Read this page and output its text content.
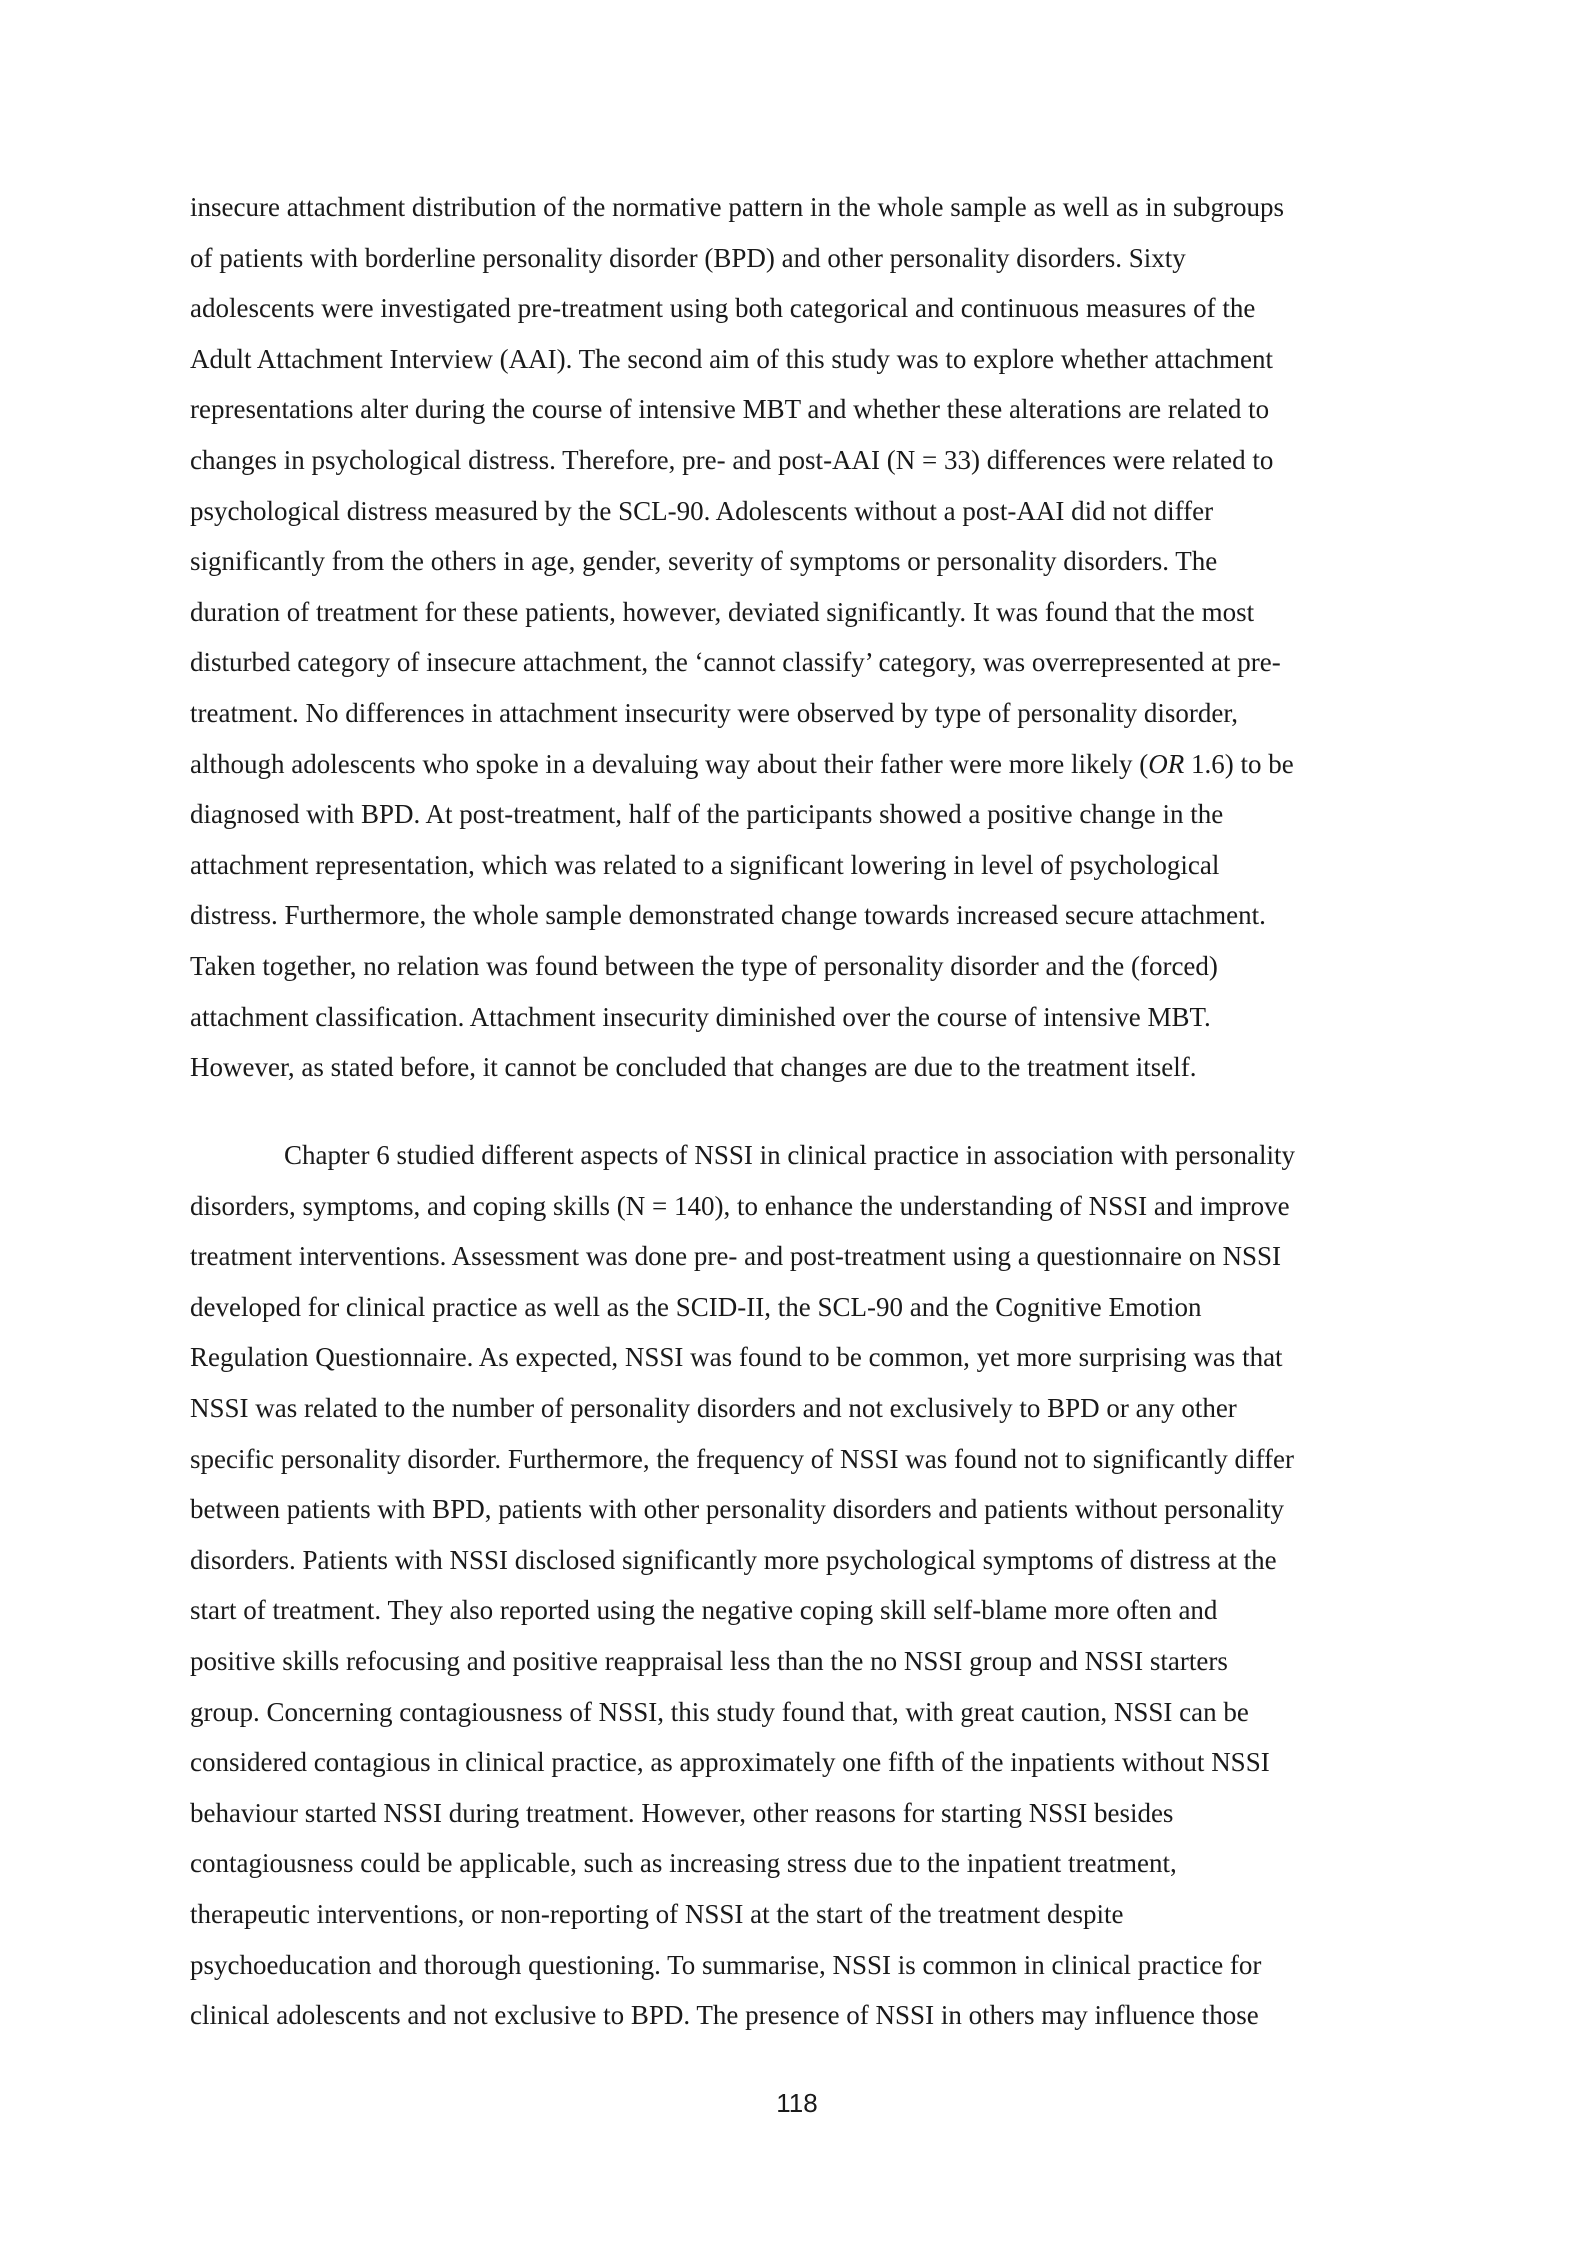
insecure attachment distribution of the normative pattern in the whole sample as well as in subgroups
of patients with borderline personality disorder (BPD) and other personality disorders. Sixty
adolescents were investigated pre-treatment using both categorical and continuous measures of the
Adult Attachment Interview (AAI). The second aim of this study was to explore whether attachment
representations alter during the course of intensive MBT and whether these alterations are related to
changes in psychological distress. Therefore, pre- and post-AAI (N = 33) differences were related to
psychological distress measured by the SCL-90. Adolescents without a post-AAI did not differ
significantly from the others in age, gender, severity of symptoms or personality disorders. The
duration of treatment for these patients, however, deviated significantly. It was found that the most
disturbed category of insecure attachment, the ‘cannot classify’ category, was overrepresented at pre-
treatment. No differences in attachment insecurity were observed by type of personality disorder,
although adolescents who spoke in a devaluing way about their father were more likely (OR 1.6) to be
diagnosed with BPD. At post-treatment, half of the participants showed a positive change in the
attachment representation, which was related to a significant lowering in level of psychological
distress. Furthermore, the whole sample demonstrated change towards increased secure attachment.
Taken together, no relation was found between the type of personality disorder and the (forced)
attachment classification. Attachment insecurity diminished over the course of intensive MBT.
However, as stated before, it cannot be concluded that changes are due to the treatment itself.
Chapter 6 studied different aspects of NSSI in clinical practice in association with personality
disorders, symptoms, and coping skills (N = 140), to enhance the understanding of NSSI and improve
treatment interventions. Assessment was done pre- and post-treatment using a questionnaire on NSSI
developed for clinical practice as well as the SCID-II, the SCL-90 and the Cognitive Emotion
Regulation Questionnaire. As expected, NSSI was found to be common, yet more surprising was that
NSSI was related to the number of personality disorders and not exclusively to BPD or any other
specific personality disorder. Furthermore, the frequency of NSSI was found not to significantly differ
between patients with BPD, patients with other personality disorders and patients without personality
disorders. Patients with NSSI disclosed significantly more psychological symptoms of distress at the
start of treatment. They also reported using the negative coping skill self-blame more often and
positive skills refocusing and positive reappraisal less than the no NSSI group and NSSI starters
group. Concerning contagiousness of NSSI, this study found that, with great caution, NSSI can be
considered contagious in clinical practice, as approximately one fifth of the inpatients without NSSI
behaviour started NSSI during treatment. However, other reasons for starting NSSI besides
contagiousness could be applicable, such as increasing stress due to the inpatient treatment,
therapeutic interventions, or non-reporting of NSSI at the start of the treatment despite
psychoeducation and thorough questioning. To summarise, NSSI is common in clinical practice for
clinical adolescents and not exclusive to BPD. The presence of NSSI in others may influence those
118
